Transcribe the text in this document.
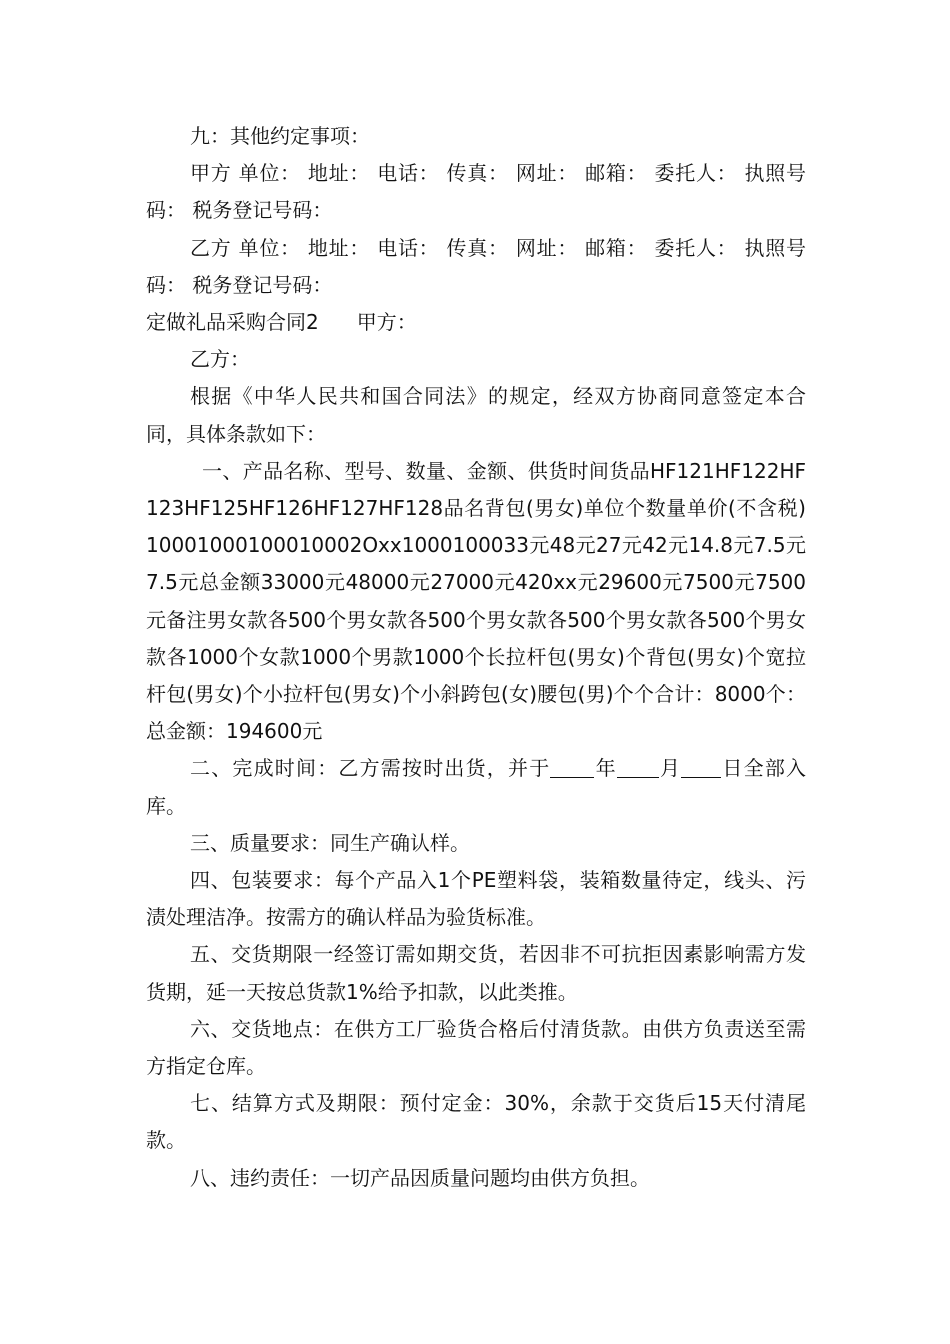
九：其他约定事项：

甲方 单位： 地址： 电话： 传真： 网址： 邮箱： 委托人： 执照号码： 税务登记号码：

乙方 单位： 地址： 电话： 传真： 网址： 邮箱： 委托人： 执照号码： 税务登记号码：

定做礼品采购合同2 甲方：

乙方：

根据《中华人民共和国合同法》的规定，经双方协商同意签定本合同，具体条款如下：

一、产品名称、型号、数量、金额、供货时间货品HF121HF122HF123HF125HF126HF127HF128品名背包(男女)单位个数量单价(不含税)10001000100010002Oxx1000100033元48元27元42元14.8元7.5元7.5元总金额33000元48000元27000元420xx元29600元7500元7500元备注男女款各500个男女款各500个男女款各500个男女款各500个男女款各1000个女款1000个男款1000个长拉杆包(男女)个背包(男女)个宽拉杆包(男女)个小拉杆包(男女)个小斜跨包(女)腰包(男)个个合计：8000个：总金额：194600元

二、完成时间：乙方需按时出货，并于 年 月 日全部入库。

三、质量要求：同生产确认样。

四、包装要求：每个产品入1个PE塑料袋，装箱数量待定，线头、污渍处理洁净。按需方的确认样品为验货标准。

五、交货期限一经签订需如期交货，若因非不可抗拒因素影响需方发货期，延一天按总货款1%给予扣款，以此类推。

六、交货地点：在供方工厂验货合格后付清货款。由供方负责送至需方指定仓库。

七、结算方式及期限：预付定金：30%，余款于交货后15天付清尾款。

八、违约责任：一切产品因质量问题均由供方负担。
